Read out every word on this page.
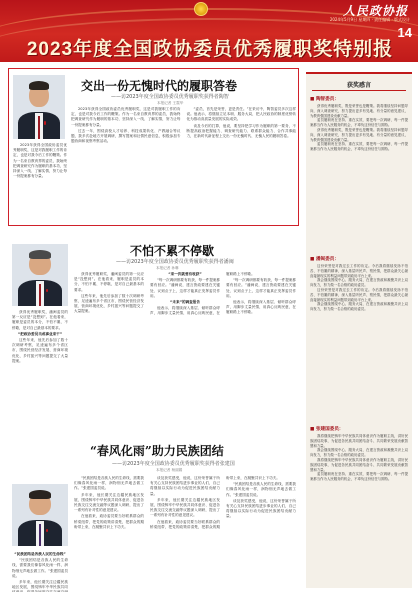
人民政协报
2024年5月9日 星期四 · 责任编辑 · 版式设计
14
2023年度全国政协委员优秀履职奖特别报
交出一份无愧时代的履职答卷
——访2023年度全国政协委员优秀履职奖获得者陶智
本报记者 王震华

2023年获得全国政协委员优秀履职奖，这是对我履职工作的肯定，也是对我今后工作的鞭策。作为一名来自教育界的委员，我始终把调查研究作为履职的基本功，坚持深入一线、了解实情，努力让每一份提案都有分量。

过去一年，围绕高校人才培养、科技成果转化、产教融合等议题，我多次赴地方开展调研，撰写提案和社情民意信息，积极参加专题协商和视察考察活动。

“委员，首先是荣誉，更是责任。”在采访中，陶智委员多次这样说。他表示，将继续立足本职、服务大局，把人民政协的制度优势转化为推动高质量发展的实际成效。

谈及今后的打算，他说，要坚持把学习作为履职的第一要务，不断提高政治把握能力、调查研究能力、联系群众能力、合作共事能力，在新时代新征程上交出一份无愧时代、无愧人民的履职答卷。

2023年获得全国政协委员优秀履职奖，这是对我履职工作的肯定，也是对我今后工作的鞭策。作为一名来自教育界的委员，我始终把调查研究作为履职的基本功，坚持深入一线、了解实情，努力让每一份提案都有分量。

不怕不累不停歇
——访2023年度全国政协委员优秀履职奖获得者潘闽
本报记者 孙琳

获得优秀履职奖，潘闽委员的第一反应是“没想到”。在他看来，履职是委员的本分，不怕不累、不停歇，是对自己最基本的要求。

“把政协委员当成事业来干”

这些年来，他先后参加了数十次调研考察，足迹遍布多个省区市，围绕民营经济发展、营商环境优化、乡村振兴等问题提交了大量提案。

获得优秀履职奖，潘闽委员的第一反应是“没想到”。在他看来，履职是委员的本分，不怕不累、不停歇，是对自己最基本的要求。

这些年来，他先后参加了数十次调研考察，足迹遍布多个省区市，围绕民营经济发展、营商环境优化、乡村振兴等问题提交了大量提案。

“来一次就要有收获”

“每一次调研都要有收获，每一件提案都要有回应。”潘闽说，建言资政要建在关键处、议到点子上，这样才能真正发挥委员作用。

“未来”的调查报告

他表示，将继续深入基层、倾听群众呼声，用脚步丈量民情，用真心反映民意，在履职路上不停歇。

“每一次调研都要有收获，每一件提案都要有回应。”潘闽说，建言资政要建在关键处、议到点子上，这样才能真正发挥委员作用。

他表示，将继续深入基层、倾听群众呼声，用脚步丈量民情，用真心反映民意，在履职路上不停歇。

“春风化雨”助力民族团结
——访2023年度全国政协委员优秀履职奖获得者张建国
本报记者 杨丽娟

“民族团结是各族人民的生命线”

“民族团结是各族人民的生命线，需要我们像春风化雨一样，润物细无声地去做工作。”张建国委员说。

多年来，他长期关注边疆民族地区发展，围绕铸牢中华民族共同

“民族团结是各族人民的生命线，需要我们像春风化雨一样，润物细无声地去做工作。”张建国委员说。

多年来，他长期关注边疆民族地区发展，围绕铸牢中华民族共同体意识、促进各民族交往交流交融等议题深入调研，提出了一系列有针对性的意见建议。

在他看来，政协委员要当好联系群众的桥梁纽带，把党的政策讲清楚，把群众的期盼带上来，在凝聚共识上下功夫。

谈及获奖感受，他说，这份荣誉属于所有关心支持民族团结进步事业的人们，自己将继续以实际行动为促进民族团结贡献力量。

多年来，他长期关注边疆民族地区发展，围绕铸牢中华民族共同体意识、促进各民族交往交流交融等议题深入调研，提出了一系列有针对性的意见建议。

在他看来，政协委员要当好联系群众的桥梁纽带，把党的政策讲清楚，把群众的期盼带上来，在凝聚共识上下功夫。

“民族团结是各族人民的生命线，需要我们像春风化雨一样，润物细无声地去做工作。”张建国委员说。

谈及获奖感受，他说，这份荣誉属于所有关心支持民族团结进步事业的人们，自己将继续以实际行动为促进民族团结贡献力量。

获奖感言
■ 陶智委员：

获得优秀履职奖，既是荣誉也是鞭策。我将继续坚持问题导向，深入调查研究，努力提出更多有见地、有分量的意见建议，为教育强国建设贡献力量。

委员履职贵在坚持、重在实效，要把每一次调研、每一件提案都当作为人民服务的机会，不辜负这份信任与期待。

获得优秀履职奖，既是荣誉也是鞭策。我将继续坚持问题导向，深入调查研究，努力提出更多有见地、有分量的意见建议，为教育强国建设贡献力量。

委员履职贵在坚持、重在实效，要把每一次调研、每一件提案都当作为人民服务的机会，不辜负这份信任与期待。

■ 潘闽委员：

这份荣誉是对我过去工作的肯定。今后我将继续发扬不怕苦、不怕累的精神，深入基层听民声、察民情，把群众最关心最直接最现实的利益问题带到政协平台上来。

我会继续围绕中心、服务大局，在建言资政和凝聚共识上双向发力，努力做一名合格的政协委员。

这份荣誉是对我过去工作的肯定。今后我将继续发扬不怕苦、不怕累的精神，深入基层听民声、察民情，把群众最关心最直接最现实的利益问题带到政协平台上来。

我会继续围绕中心、服务大局，在建言资政和凝聚共识上双向发力，努力做一名合格的政协委员。

■ 张建国委员：

我将继续把铸牢中华民族共同体意识作为履职主线，讲好民族团结故事，为促进各民族共同团结奋斗、共同繁荣发展贡献智慧和力量。

我会继续围绕中心、服务大局，在建言资政和凝聚共识上双向发力，努力做一名合格的政协委员。

我将继续把铸牢中华民族共同体意识作为履职主线，讲好民族团结故事，为促进各民族共同团结奋斗、共同繁荣发展贡献智慧和力量。

委员履职贵在坚持、重在实效，要把每一次调研、每一件提案都当作为人民服务的机会，不辜负这份信任与期待。
